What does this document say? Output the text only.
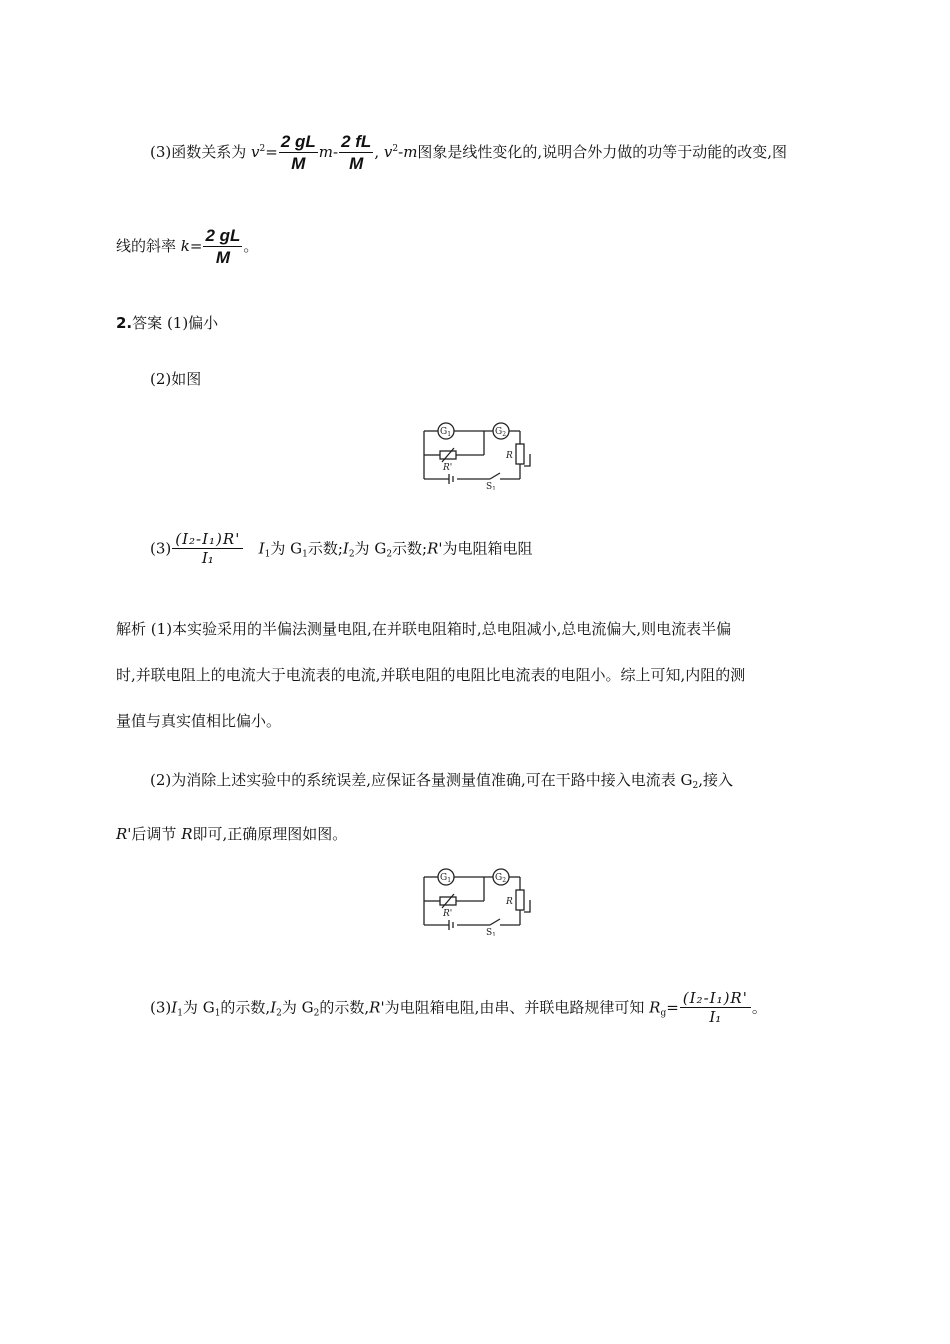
(3)函数关系为 $v^2= \frac{2 gL}{M} m- \frac{2 fL}{M}$ , $v^2-m$图象是线性变化的,说明合外力做的功等于动能的改变,图
线的斜率 $k= \frac{2 gL}{M}$ 。
2.答案 (1)偏小
(2)如图
$G_1$	$G_2$
R'
R
$S_1$
$(3) \frac{\text{(I₂-I₁)R'}}{\text{I₁}} I_1$为 $G_1$示数$;I_2$为 $G_2$示数;R'为电阻箱电阻
解析 (1)本实验采用的半偏法测量电阻,在并联电阻箱时,总电阻减小,总电流偏大,则电流表半偏
时,并联电阻上的电流大于电流表的电流,并联电阻的电阻比电流表的电阻小。综上可知,内阻的测
量值与真实值相比偏小。
(2)为消除上述实验中的系统误差,应保证各量测量值准确,可在干路中接入电流表 $G_2$,接入
R'后调节 R即可,正确原理图如图。
$G_1$	$G_2$
R'
R
$S_1$
$(3)I_1$为 $G_1$的示数$,I_2$为 $G_2$的示数,R'为电阻箱电阻,由串、并联电路规律可知 $R_g= \frac{\text{(I₂-I₁)R'}}{\text{I₁}}$ 。
